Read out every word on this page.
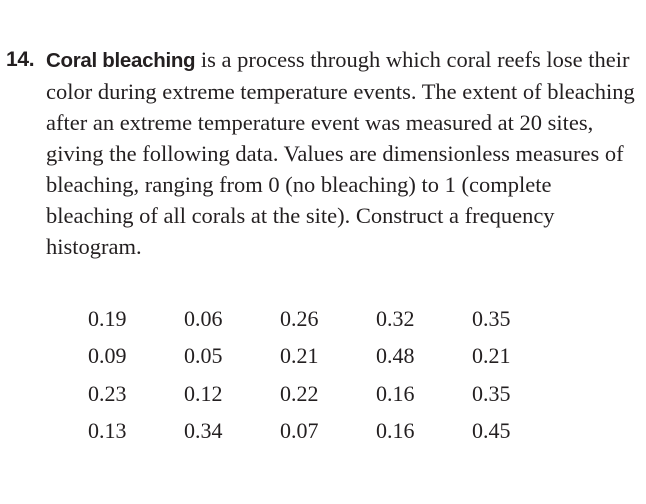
14. Coral bleaching is a process through which coral reefs lose their color during extreme temperature events. The extent of bleaching after an extreme temperature event was measured at 20 sites, giving the following data. Values are dimensionless measures of bleaching, ranging from 0 (no bleaching) to 1 (complete bleaching of all corals at the site). Construct a frequency histogram.
0.19	0.06	0.26	0.32	0.35
0.09	0.05	0.21	0.48	0.21
0.23	0.12	0.22	0.16	0.35
0.13	0.34	0.07	0.16	0.45
